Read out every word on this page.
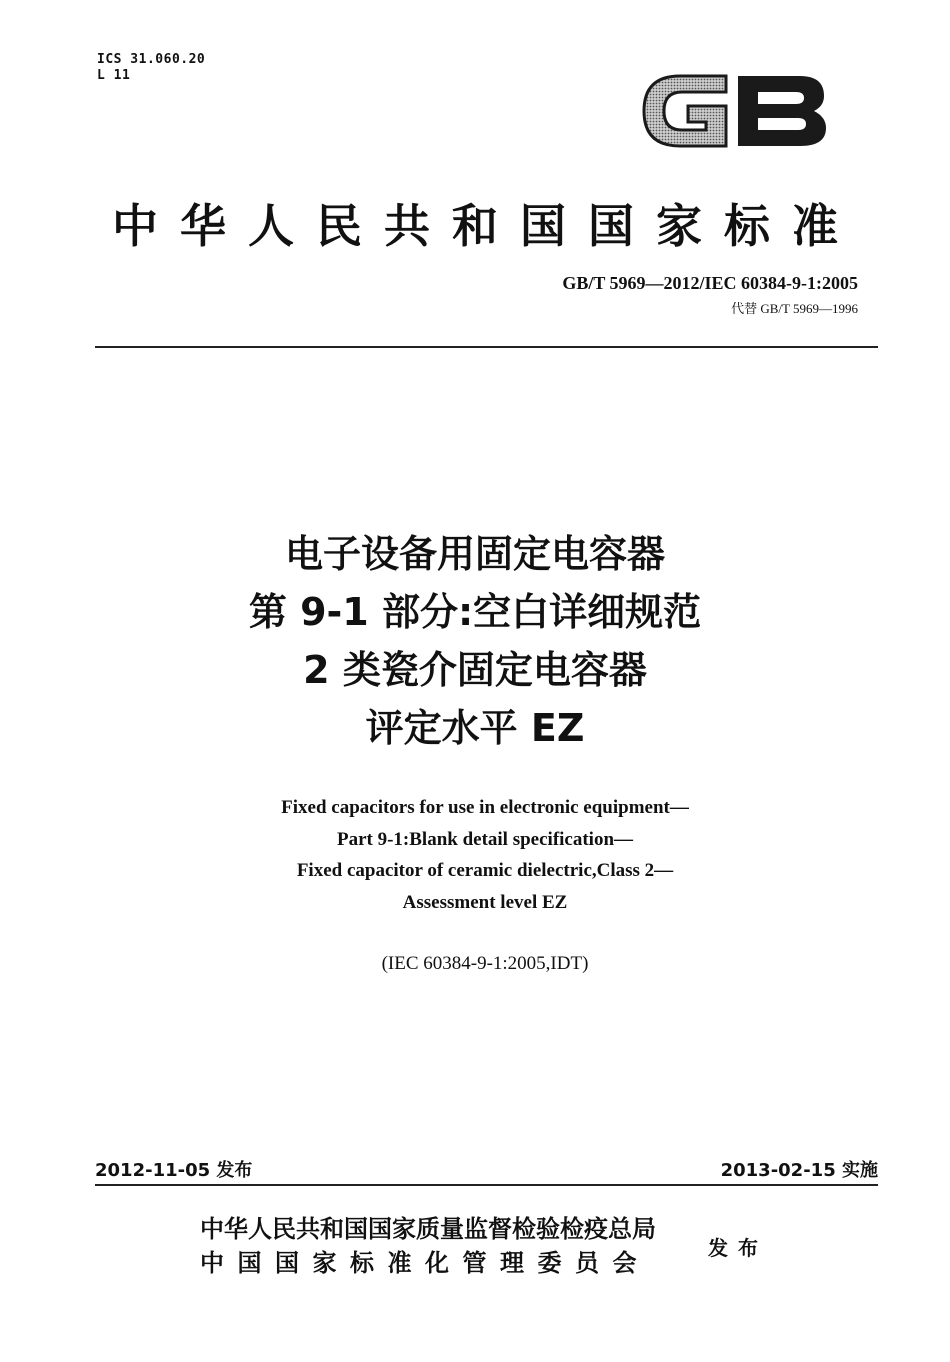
ICS 31.060.20
L 11
中华人民共和国国家标准
GB/T 5969—2012/IEC 60384-9-1:2005
代替 GB/T 5969—1996
电子设备用固定电容器
第 9-1 部分:空白详细规范
2 类瓷介固定电容器
评定水平 EZ
Fixed capacitors for use in electronic equipment—
Part 9-1:Blank detail specification—
Fixed capacitor of ceramic dielectric,Class 2—
Assessment level EZ
(IEC 60384-9-1:2005,IDT)
2012-11-05 发布	2013-02-15 实施
中华人民共和国国家质量监督检验检疫总局
中国国家标准化管理委员会	发布
